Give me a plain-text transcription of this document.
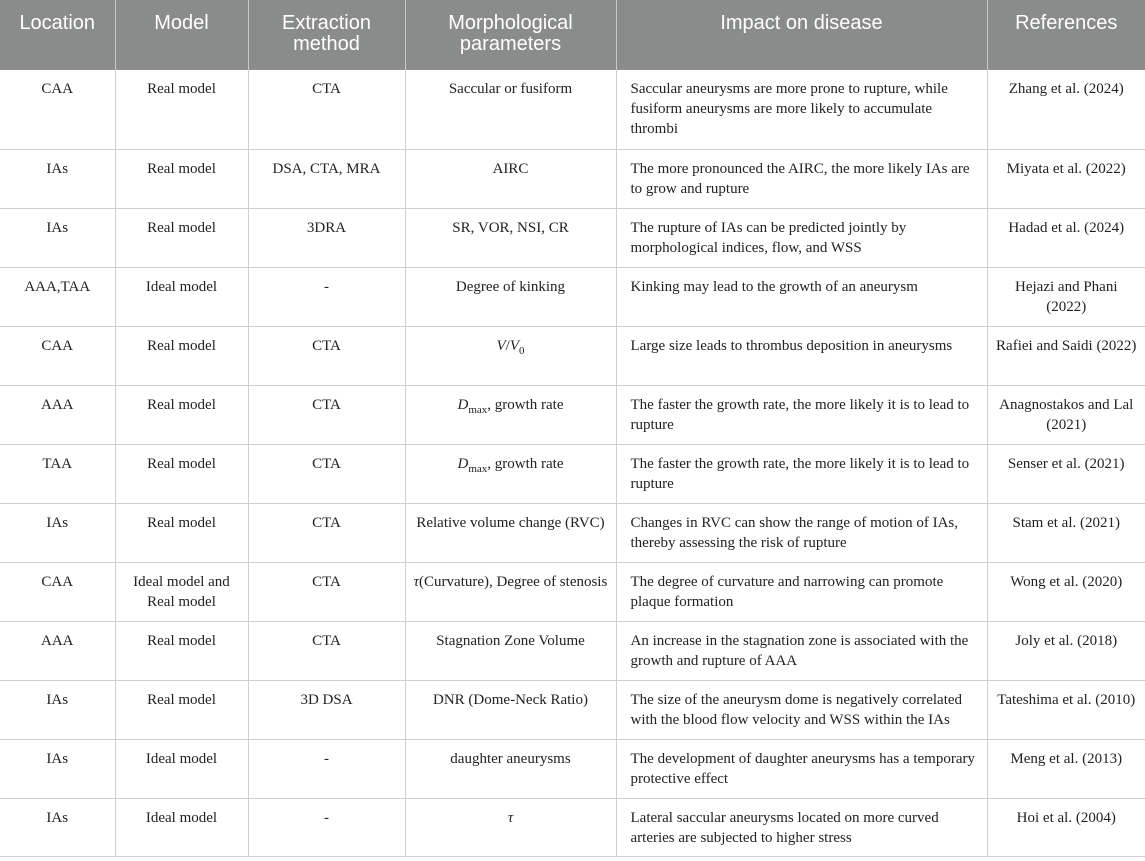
Location	Model	Extraction method	Morphological parameters	Impact on disease	References
CAA	Real model	CTA	Saccular or fusiform	Saccular aneurysms are more prone to rupture, while fusiform aneurysms are more likely to accumulate thrombi	Zhang et al. (2024)
IAs	Real model	DSA, CTA, MRA	AIRC	The more pronounced the AIRC, the more likely IAs are to grow and rupture	Miyata et al. (2022)
IAs	Real model	3DRA	SR, VOR, NSI, CR	The rupture of IAs can be predicted jointly by morphological indices, flow, and WSS	Hadad et al. (2024)
AAA,TAA	Ideal model	-	Degree of kinking	Kinking may lead to the growth of an aneurysm	Hejazi and Phani (2022)
CAA	Real model	CTA	$V/V_0$	Large size leads to thrombus deposition in aneurysms	Rafiei and Saidi (2022)
AAA	Real model	CTA	$D_{max}$, growth rate	The faster the growth rate, the more likely it is to lead to rupture	Anagnostakos and Lal (2021)
TAA	Real model	CTA	$D_{max}$, growth rate	The faster the growth rate, the more likely it is to lead to rupture	Senser et al. (2021)
IAs	Real model	CTA	Relative volume change (RVC)	Changes in RVC can show the range of motion of IAs, thereby assessing the risk of rupture	Stam et al. (2021)
CAA	Ideal model and Real model	CTA	τ(Curvature), Degree of stenosis	The degree of curvature and narrowing can promote plaque formation	Wong et al. (2020)
AAA	Real model	CTA	Stagnation Zone Volume	An increase in the stagnation zone is associated with the growth and rupture of AAA	Joly et al. (2018)
IAs	Real model	3D DSA	DNR (Dome-Neck Ratio)	The size of the aneurysm dome is negatively correlated with the blood flow velocity and WSS within the IAs	Tateshima et al. (2010)
IAs	Ideal model	-	daughter aneurysms	The development of daughter aneurysms has a temporary protective effect	Meng et al. (2013)
IAs	Ideal model	-	τ	Lateral saccular aneurysms located on more curved arteries are subjected to higher stress	Hoi et al. (2004)
